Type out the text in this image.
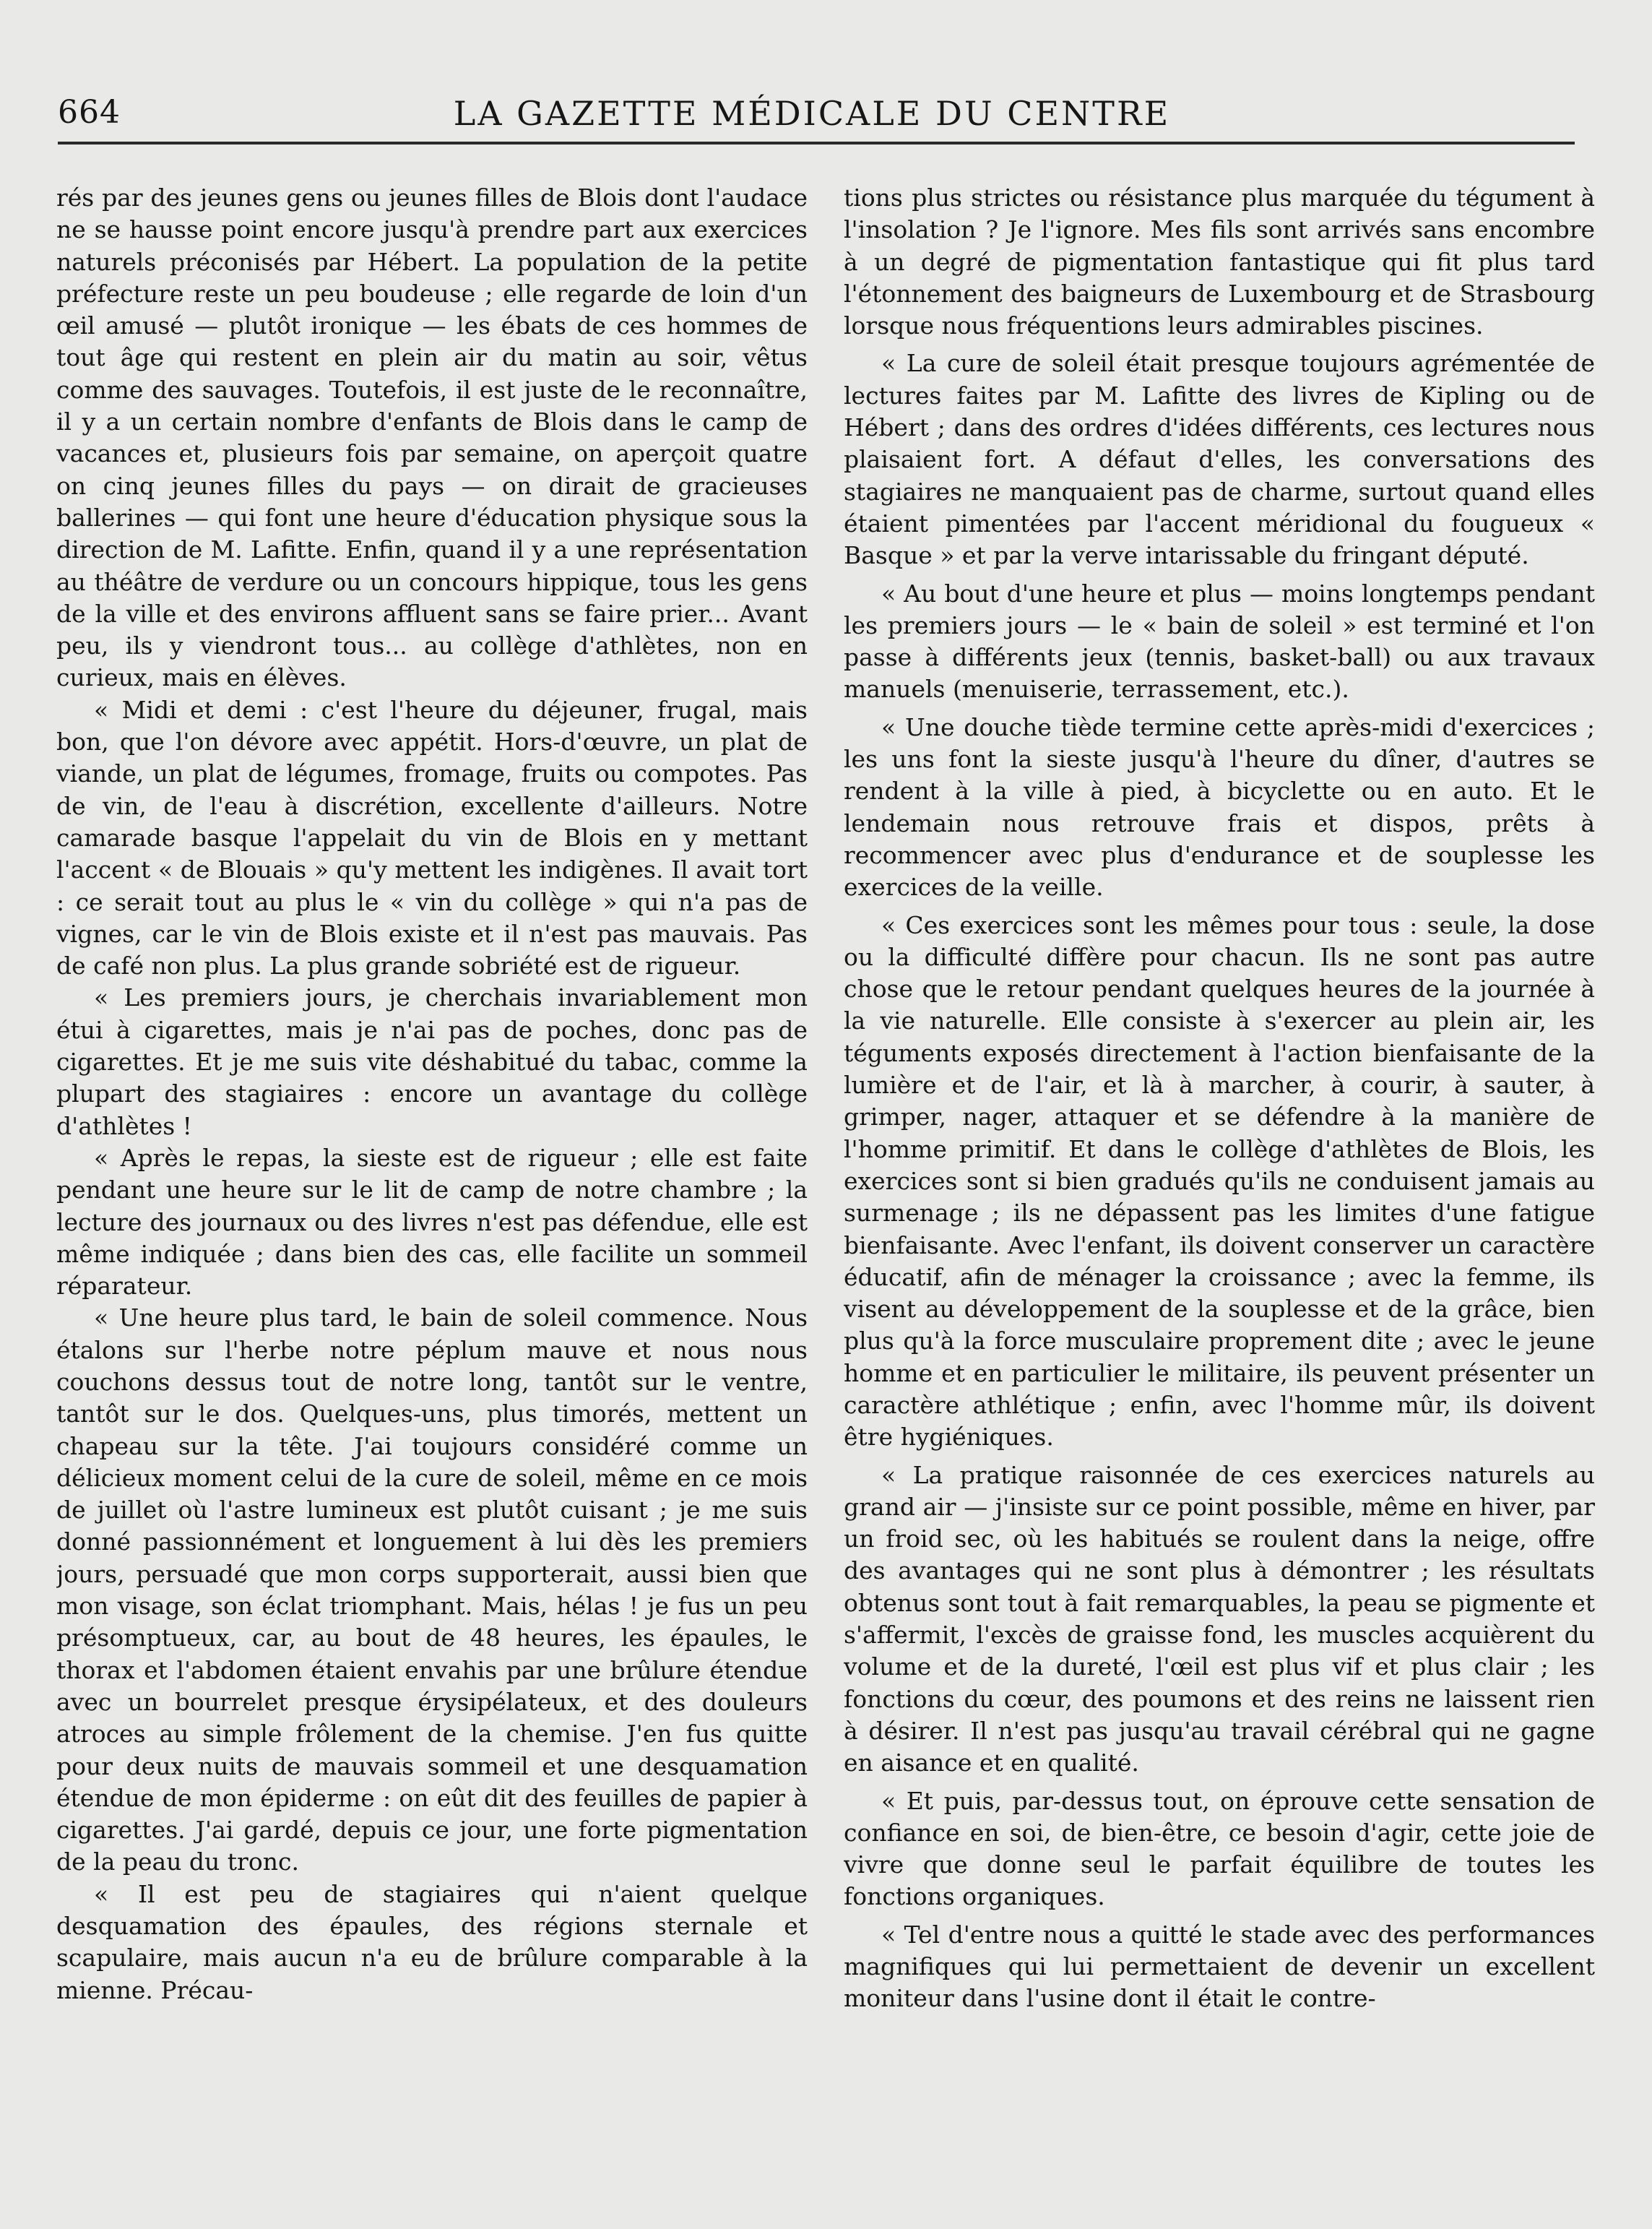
664	LA GAZETTE MÉDICALE DU CENTRE

rés par des jeunes gens ou jeunes filles de Blois dont l'audace ne se hausse point encore jusqu'à prendre part aux exercices naturels préconisés par Hébert. La population de la petite préfecture reste un peu boudeuse ; elle regarde de loin d'un œil amusé — plutôt ironique — les ébats de ces hommes de tout âge qui restent en plein air du matin au soir, vêtus comme des sauvages. Toutefois, il est juste de le reconnaître, il y a un certain nombre d'enfants de Blois dans le camp de vacances et, plusieurs fois par semaine, on aperçoit quatre on cinq jeunes filles du pays — on dirait de gracieuses ballerines — qui font une heure d'éducation physique sous la direction de M. Lafitte. Enfin, quand il y a une représentation au théâtre de verdure ou un concours hippique, tous les gens de la ville et des environs affluent sans se faire prier... Avant peu, ils y viendront tous... au collège d'athlètes, non en curieux, mais en élèves.

« Midi et demi : c'est l'heure du déjeuner, frugal, mais bon, que l'on dévore avec appétit. Hors-d'œuvre, un plat de viande, un plat de légumes, fromage, fruits ou compotes. Pas de vin, de l'eau à discrétion, excellente d'ailleurs. Notre camarade basque l'appelait du vin de Blois en y mettant l'accent « de Blouais » qu'y mettent les indigènes. Il avait tort : ce serait tout au plus le « vin du collège » qui n'a pas de vignes, car le vin de Blois existe et il n'est pas mauvais. Pas de café non plus. La plus grande sobriété est de rigueur.

« Les premiers jours, je cherchais invariablement mon étui à cigarettes, mais je n'ai pas de poches, donc pas de cigarettes. Et je me suis vite déshabitué du tabac, comme la plupart des stagiaires : encore un avantage du collège d'athlètes !

« Après le repas, la sieste est de rigueur ; elle est faite pendant une heure sur le lit de camp de notre chambre ; la lecture des journaux ou des livres n'est pas défendue, elle est même indiquée ; dans bien des cas, elle facilite un sommeil réparateur.

« Une heure plus tard, le bain de soleil commence. Nous étalons sur l'herbe notre péplum mauve et nous nous couchons dessus tout de notre long, tantôt sur le ventre, tantôt sur le dos. Quelques-uns, plus timorés, mettent un chapeau sur la tête. J'ai toujours considéré comme un délicieux moment celui de la cure de soleil, même en ce mois de juillet où l'astre lumineux est plutôt cuisant ; je me suis donné passionnément et longuement à lui dès les premiers jours, persuadé que mon corps supporterait, aussi bien que mon visage, son éclat triomphant. Mais, hélas ! je fus un peu présomptueux, car, au bout de 48 heures, les épaules, le thorax et l'abdomen étaient envahis par une brûlure étendue avec un bourrelet presque érysipélateux, et des douleurs atroces au simple frôlement de la chemise. J'en fus quitte pour deux nuits de mauvais sommeil et une desquamation étendue de mon épiderme : on eût dit des feuilles de papier à cigarettes. J'ai gardé, depuis ce jour, une forte pigmentation de la peau du tronc.

« Il est peu de stagiaires qui n'aient quelque desquamation des épaules, des régions sternale et scapulaire, mais aucun n'a eu de brûlure comparable à la mienne. Précau-

tions plus strictes ou résistance plus marquée du tégument à l'insolation ? Je l'ignore. Mes fils sont arrivés sans encombre à un degré de pigmentation fantastique qui fit plus tard l'étonnement des baigneurs de Luxembourg et de Strasbourg lorsque nous fréquentions leurs admirables piscines.

« La cure de soleil était presque toujours agrémentée de lectures faites par M. Lafitte des livres de Kipling ou de Hébert ; dans des ordres d'idées différents, ces lectures nous plaisaient fort. A défaut d'elles, les conversations des stagiaires ne manquaient pas de charme, surtout quand elles étaient pimentées par l'accent méridional du fougueux « Basque » et par la verve intarissable du fringant député.

« Au bout d'une heure et plus — moins longtemps pendant les premiers jours — le « bain de soleil » est terminé et l'on passe à différents jeux (tennis, basket-ball) ou aux travaux manuels (menuiserie, terrassement, etc.).

« Une douche tiède termine cette après-midi d'exercices ; les uns font la sieste jusqu'à l'heure du dîner, d'autres se rendent à la ville à pied, à bicyclette ou en auto. Et le lendemain nous retrouve frais et dispos, prêts à recommencer avec plus d'endurance et de souplesse les exercices de la veille.

« Ces exercices sont les mêmes pour tous : seule, la dose ou la difficulté diffère pour chacun. Ils ne sont pas autre chose que le retour pendant quelques heures de la journée à la vie naturelle. Elle consiste à s'exercer au plein air, les téguments exposés directement à l'action bienfaisante de la lumière et de l'air, et là à marcher, à courir, à sauter, à grimper, nager, attaquer et se défendre à la manière de l'homme primitif. Et dans le collège d'athlètes de Blois, les exercices sont si bien gradués qu'ils ne conduisent jamais au surmenage ; ils ne dépassent pas les limites d'une fatigue bienfaisante. Avec l'enfant, ils doivent conserver un caractère éducatif, afin de ménager la croissance ; avec la femme, ils visent au développement de la souplesse et de la grâce, bien plus qu'à la force musculaire proprement dite ; avec le jeune homme et en particulier le militaire, ils peuvent présenter un caractère athlétique ; enfin, avec l'homme mûr, ils doivent être hygiéniques.

« La pratique raisonnée de ces exercices naturels au grand air — j'insiste sur ce point possible, même en hiver, par un froid sec, où les habitués se roulent dans la neige, offre des avantages qui ne sont plus à démontrer ; les résultats obtenus sont tout à fait remarquables, la peau se pigmente et s'affermit, l'excès de graisse fond, les muscles acquièrent du volume et de la dureté, l'œil est plus vif et plus clair ; les fonctions du cœur, des poumons et des reins ne laissent rien à désirer. Il n'est pas jusqu'au travail cérébral qui ne gagne en aisance et en qualité.

« Et puis, par-dessus tout, on éprouve cette sensation de confiance en soi, de bien-être, ce besoin d'agir, cette joie de vivre que donne seul le parfait équilibre de toutes les fonctions organiques.

« Tel d'entre nous a quitté le stade avec des performances magnifiques qui lui permettaient de devenir un excellent moniteur dans l'usine dont il était le contre-
